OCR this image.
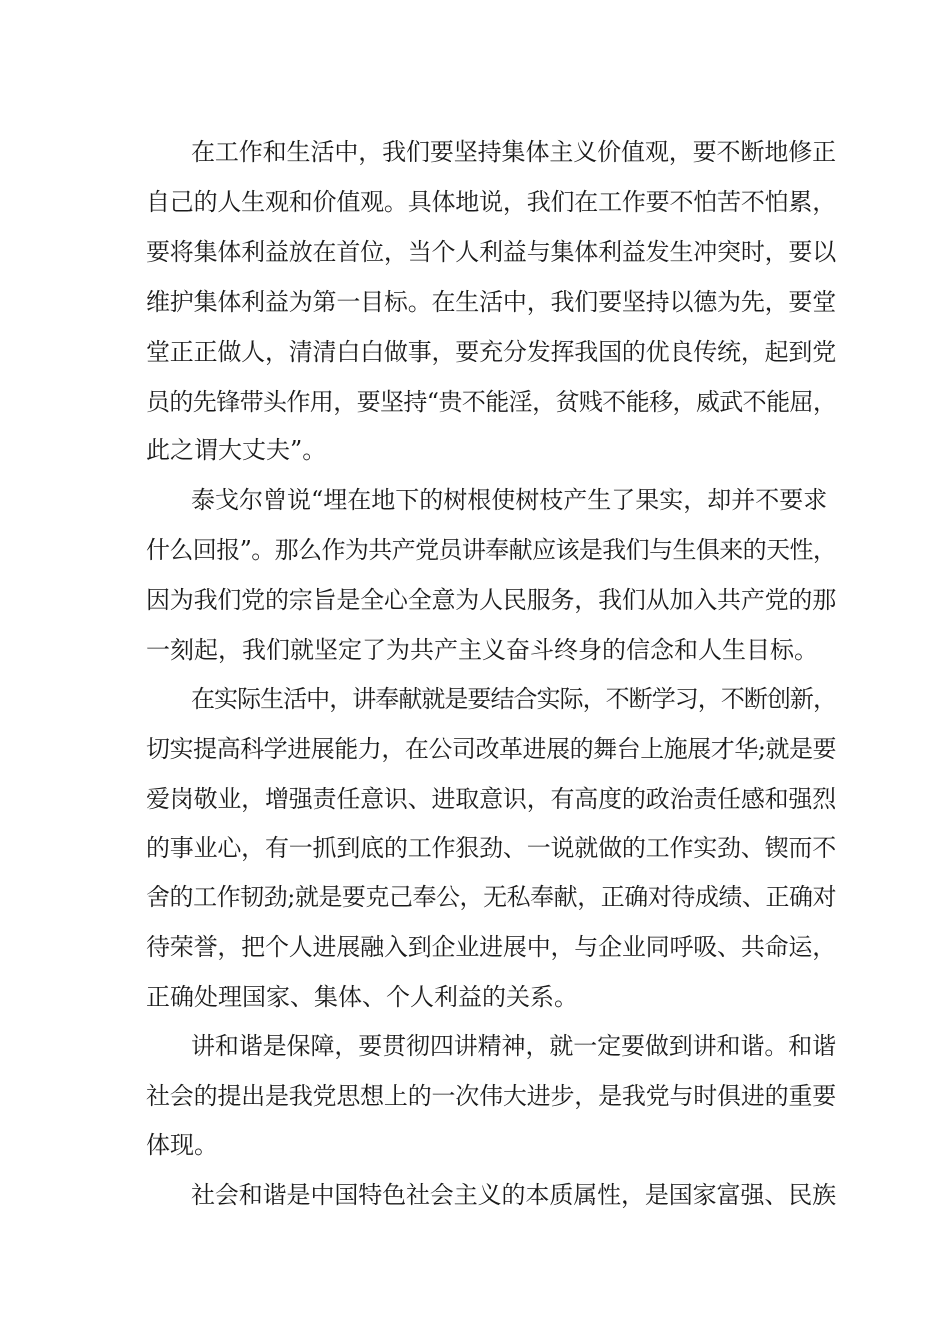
在工作和生活中，我们要坚持集体主义价值观，要不断地修正
自己的人生观和价值观。具体地说，我们在工作要不怕苦不怕累，
要将集体利益放在首位，当个人利益与集体利益发生冲突时，要以
维护集体利益为第一目标。在生活中，我们要坚持以德为先，要堂
堂正正做人，清清白白做事，要充分发挥我国的优良传统，起到党
员的先锋带头作用，要坚持“贵不能淫，贫贱不能移，威武不能屈，
此之谓大丈夫”。
泰戈尔曾说“埋在地下的树根使树枝产生了果实，却并不要求
什么回报”。那么作为共产党员讲奉献应该是我们与生俱来的天性，
因为我们党的宗旨是全心全意为人民服务，我们从加入共产党的那
一刻起，我们就坚定了为共产主义奋斗终身的信念和人生目标。
在实际生活中，讲奉献就是要结合实际，不断学习，不断创新，
切实提高科学进展能力，在公司改革进展的舞台上施展才华;就是要
爱岗敬业，增强责任意识、进取意识，有高度的政治责任感和强烈
的事业心，有一抓到底的工作狠劲、一说就做的工作实劲、锲而不
舍的工作韧劲;就是要克己奉公，无私奉献，正确对待成绩、正确对
待荣誉，把个人进展融入到企业进展中，与企业同呼吸、共命运，
正确处理国家、集体、个人利益的关系。
讲和谐是保障，要贯彻四讲精神，就一定要做到讲和谐。和谐
社会的提出是我党思想上的一次伟大进步，是我党与时俱进的重要
体现。
社会和谐是中国特色社会主义的本质属性，是国家富强、民族
